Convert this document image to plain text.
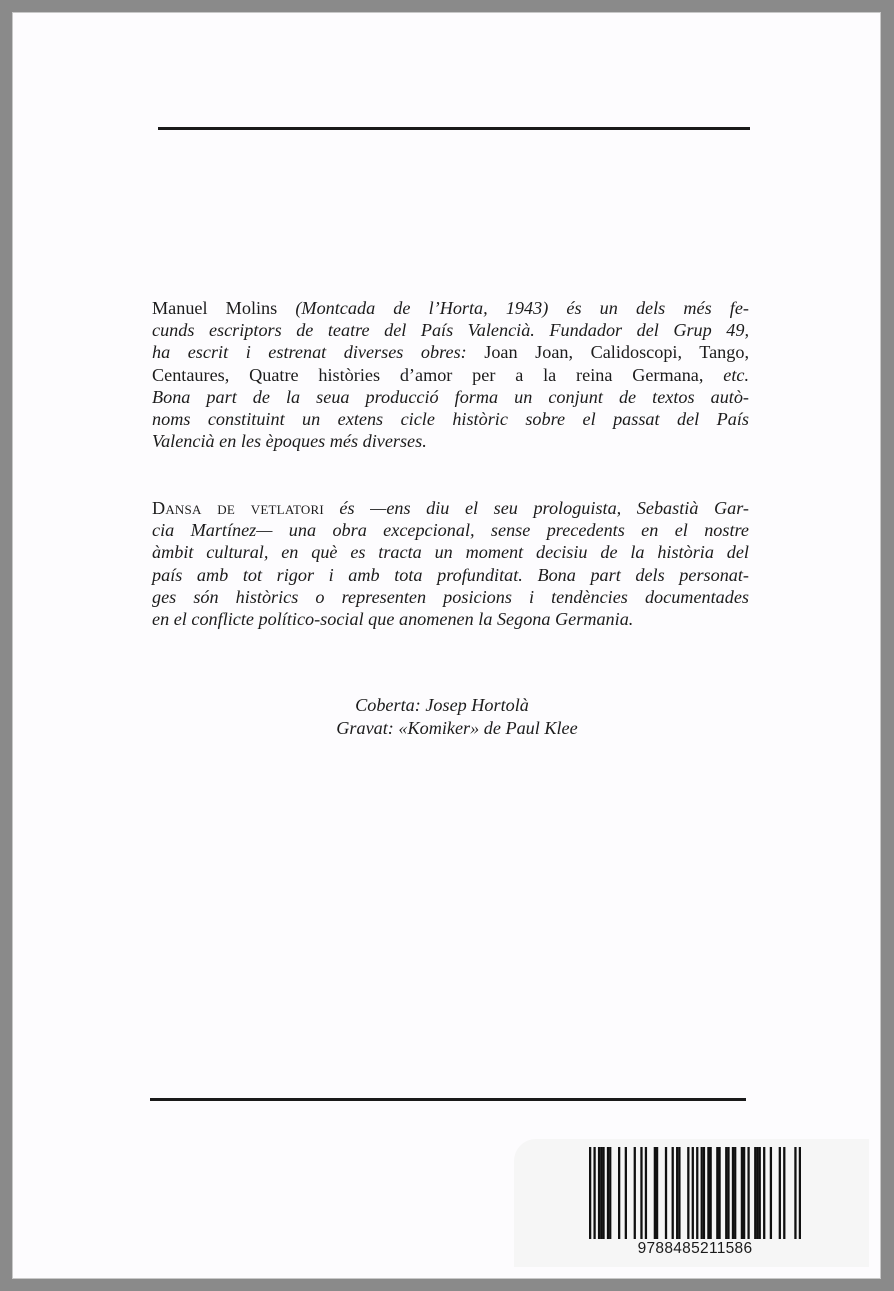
Manuel Molins (Montcada de l’Horta, 1943) és un dels més fe-
cunds escriptors de teatre del País Valencià. Fundador del Grup 49,
ha escrit i estrenat diverses obres: Joan Joan, Calidoscopi, Tango,
Centaures, Quatre històries d’amor per a la reina Germana, etc.
Bona part de la seua producció forma un conjunt de textos autò-
noms constituint un extens cicle històric sobre el passat del País
Valencià en les èpoques més diverses.
Dansa de vetlatori és —ens diu el seu prologuista, Sebastià Gar-
cia Martínez— una obra excepcional, sense precedents en el nostre
àmbit cultural, en què es tracta un moment decisiu de la història del
país amb tot rigor i amb tota profunditat. Bona part dels personat-
ges són històrics o representen posicions i tendències documentades
en el conflicte político-social que anomenen la Segona Germania.
Coberta: Josep Hortolà
Gravat: «Komiker» de Paul Klee
9788485211586
